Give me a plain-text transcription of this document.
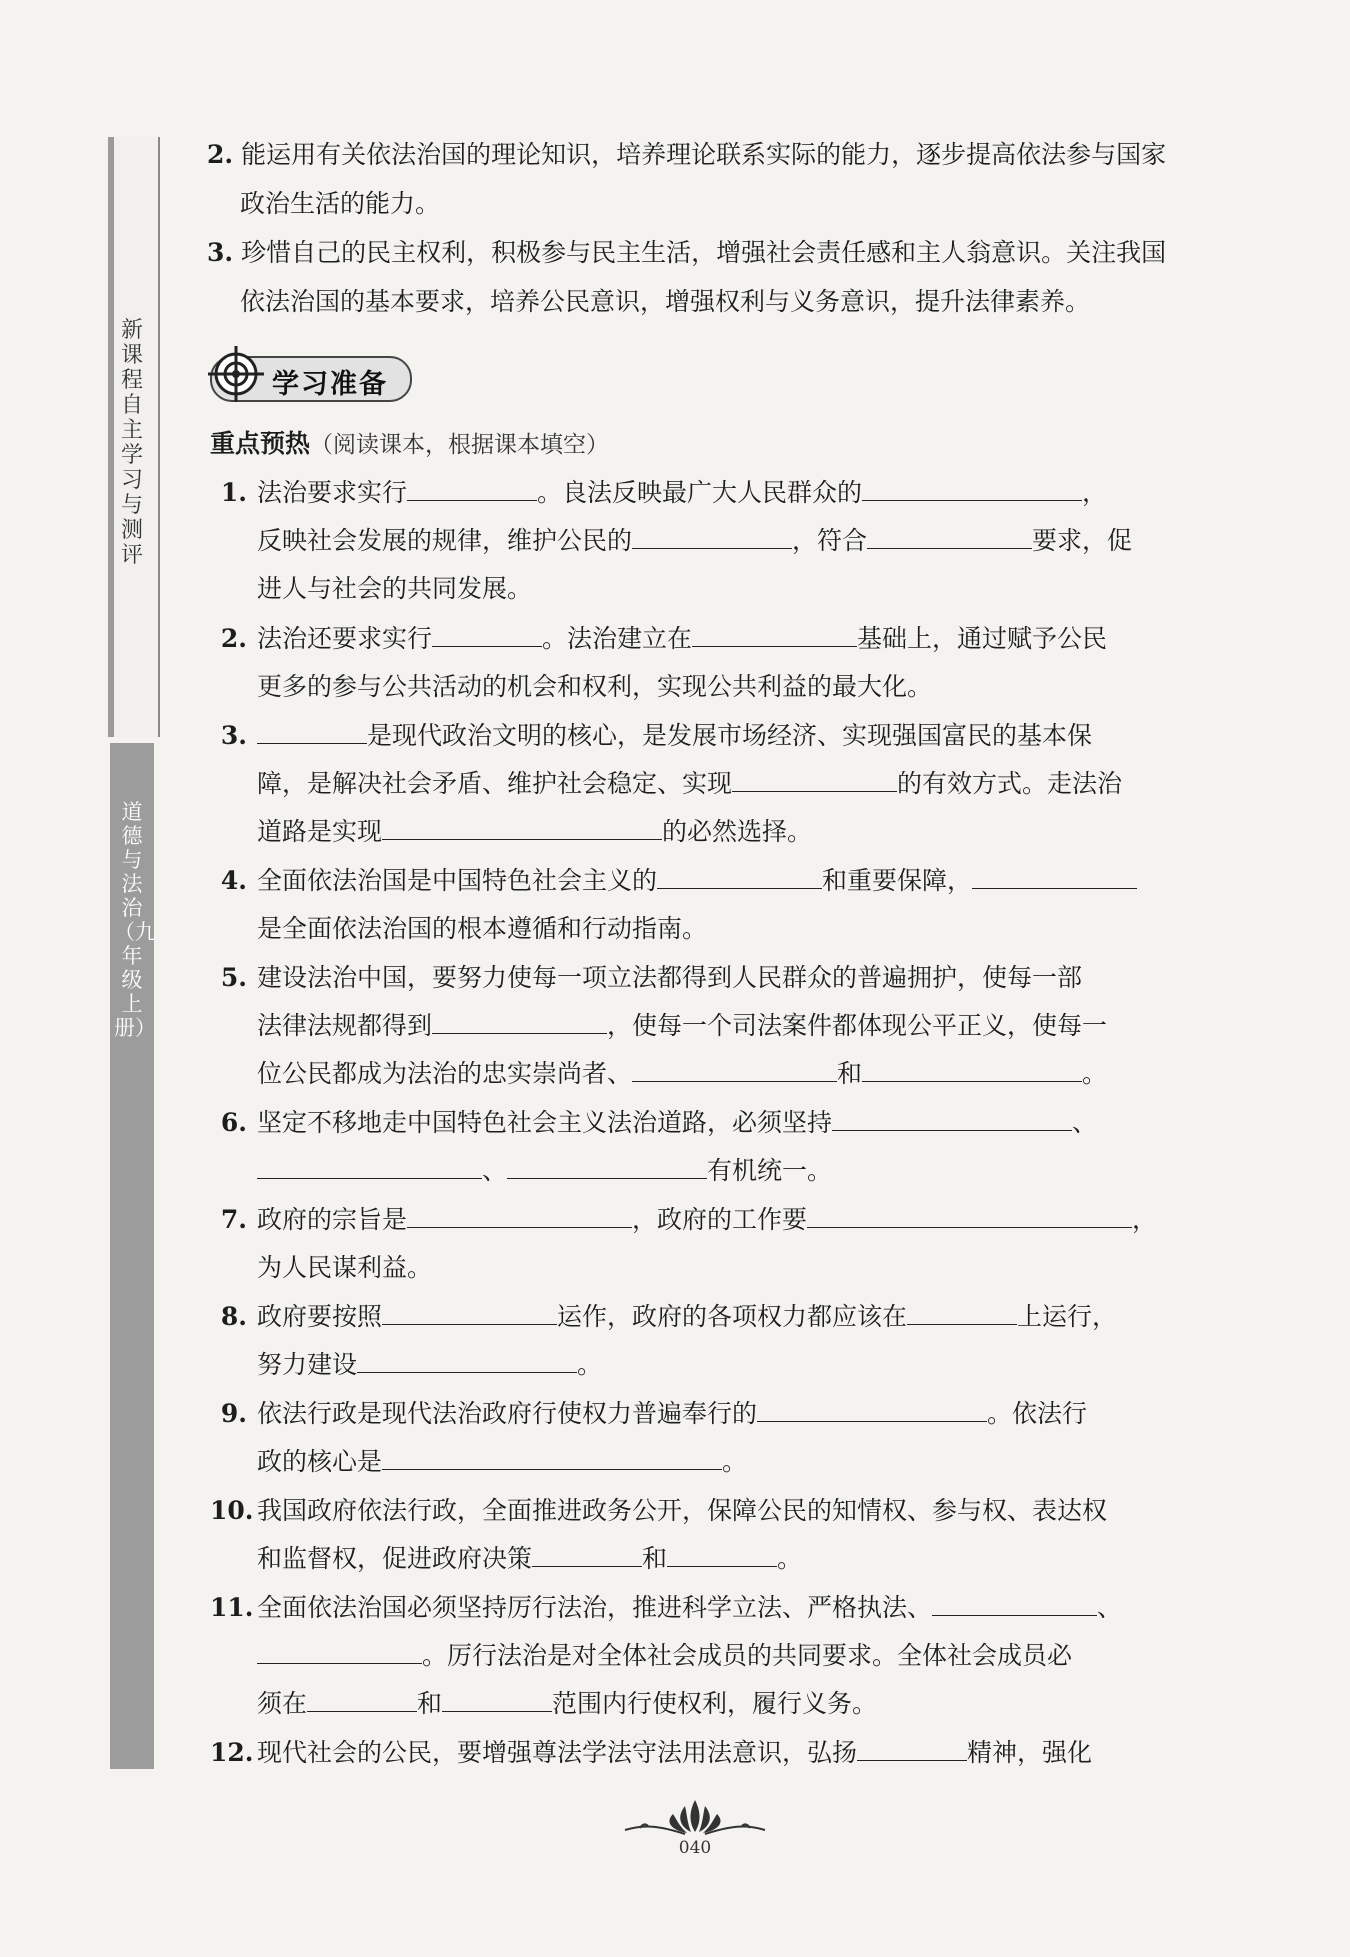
新课程自主学习与测评
道德与法治（九年级上册）
2. 能运用有关依法治国的理论知识，培养理论联系实际的能力，逐步提高依法参与国家政治生活的能力。
3. 珍惜自己的民主权利，积极参与民主生活，增强社会责任感和主人翁意识。关注我国依法治国的基本要求，培养公民意识，增强权利与义务意识，提升法律素养。
学习准备
重点预热（阅读课本，根据课本填空）
1. 法治要求实行	。良法反映最广大人民群众的	，
反映社会发展的规律，维护公民的	，符合	要求，促
进人与社会的共同发展。
2. 法治还要求实行	。法治建立在	基础上，通过赋予公民
更多的参与公共活动的机会和权利，实现公共利益的最大化。
3.	是现代政治文明的核心，是发展市场经济、实现强国富民的基本保
障，是解决社会矛盾、维护社会稳定、实现	的有效方式。走法治
道路是实现	的必然选择。
4. 全面依法治国是中国特色社会主义的	和重要保障，
是全面依法治国的根本遵循和行动指南。
5. 建设法治中国，要努力使每一项立法都得到人民群众的普遍拥护，使每一部
法律法规都得到	，使每一个司法案件都体现公平正义，使每一
位公民都成为法治的忠实崇尚者、	和	。
6. 坚定不移地走中国特色社会主义法治道路，必须坚持	、
、	有机统一。
7. 政府的宗旨是	，政府的工作要	，
为人民谋利益。
8. 政府要按照	运作，政府的各项权力都应该在	上运行，
努力建设	。
9. 依法行政是现代法治政府行使权力普遍奉行的	。依法行
政的核心是	。
10. 我国政府依法行政，全面推进政务公开，保障公民的知情权、参与权、表达权
和监督权，促进政府决策	和	。
11. 全面依法治国必须坚持厉行法治，推进科学立法、严格执法、	、
。厉行法治是对全体社会成员的共同要求。全体社会成员必
须在	和	范围内行使权利，履行义务。
12. 现代社会的公民，要增强尊法学法守法用法意识，弘扬	精神，强化
040
